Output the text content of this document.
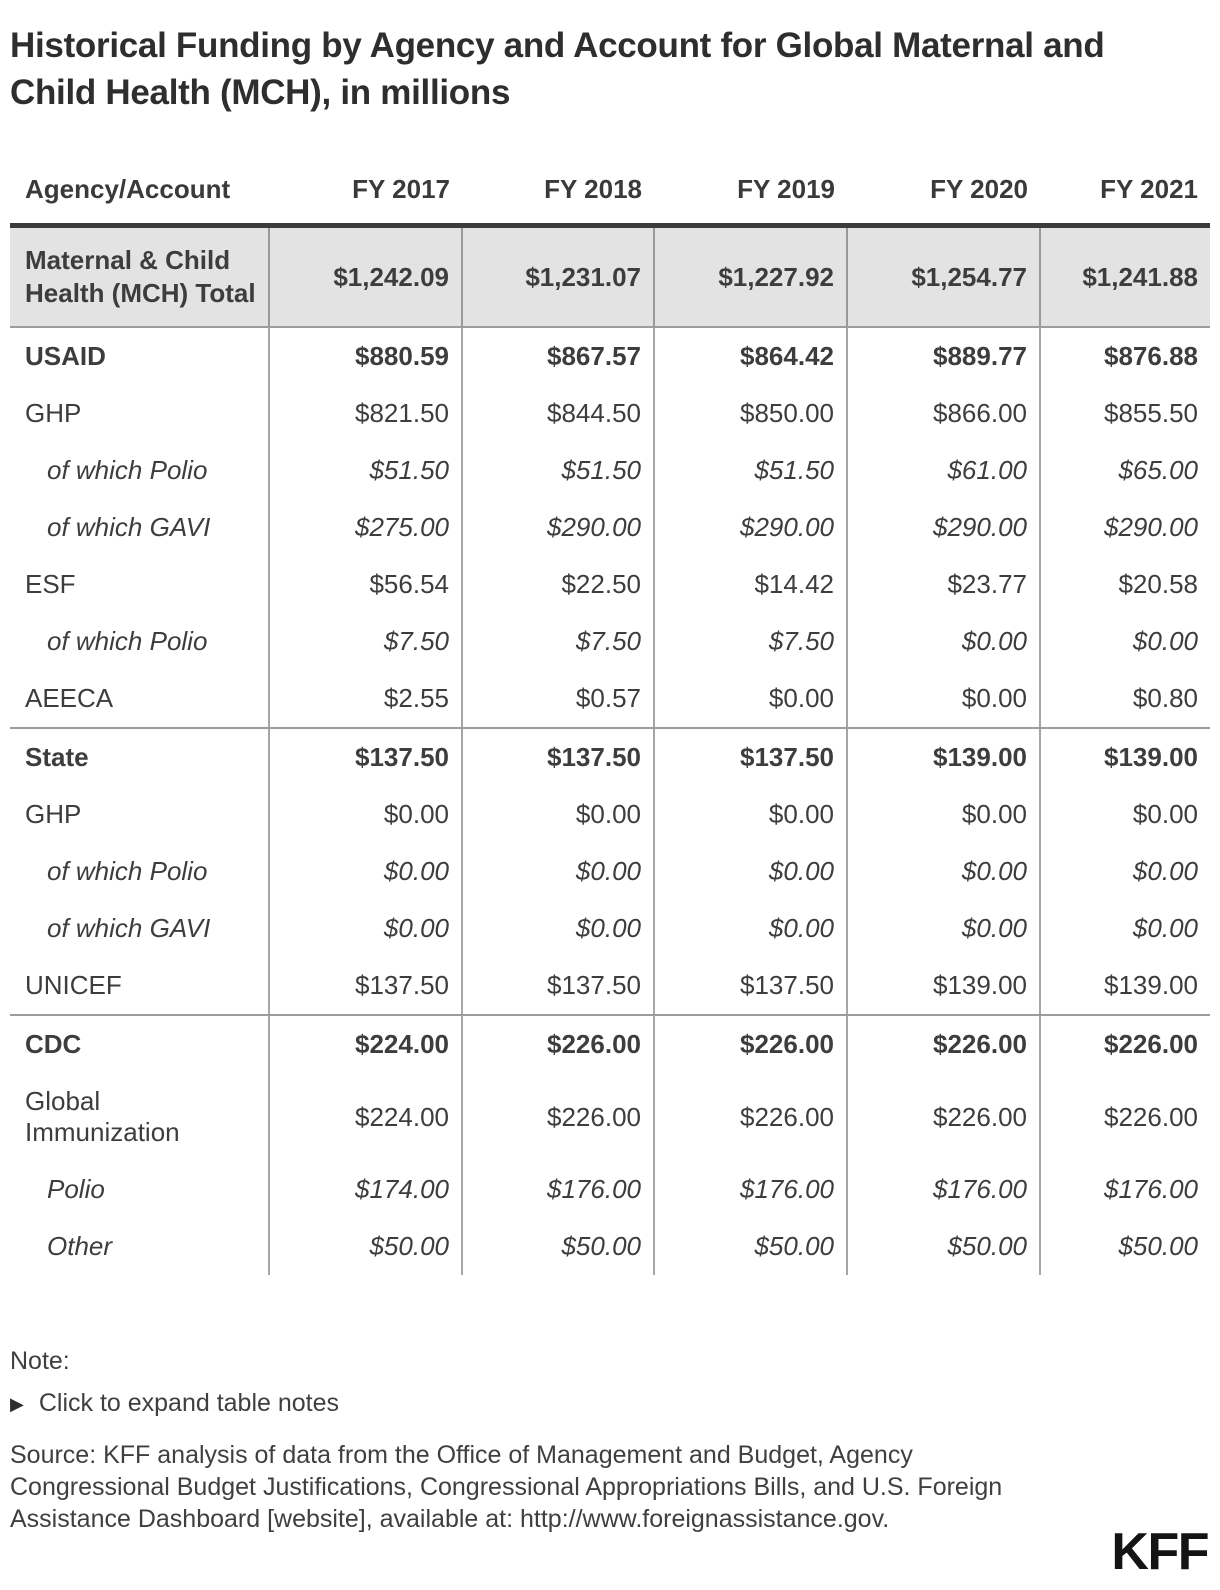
Historical Funding by Agency and Account for Global Maternal and Child Health (MCH), in millions
Agency/Account	FY 2017	FY 2018	FY 2019	FY 2020	FY 2021
Maternal & Child Health (MCH) Total	$1,242.09	$1,231.07	$1,227.92	$1,254.77	$1,241.88
USAID	$880.59	$867.57	$864.42	$889.77	$876.88
GHP	$821.50	$844.50	$850.00	$866.00	$855.50
of which Polio	$51.50	$51.50	$51.50	$61.00	$65.00
of which GAVI	$275.00	$290.00	$290.00	$290.00	$290.00
ESF	$56.54	$22.50	$14.42	$23.77	$20.58
of which Polio	$7.50	$7.50	$7.50	$0.00	$0.00
AEECA	$2.55	$0.57	$0.00	$0.00	$0.80
State	$137.50	$137.50	$137.50	$139.00	$139.00
GHP	$0.00	$0.00	$0.00	$0.00	$0.00
of which Polio	$0.00	$0.00	$0.00	$0.00	$0.00
of which GAVI	$0.00	$0.00	$0.00	$0.00	$0.00
UNICEF	$137.50	$137.50	$137.50	$139.00	$139.00
CDC	$224.00	$226.00	$226.00	$226.00	$226.00
Global Immunization	$224.00	$226.00	$226.00	$226.00	$226.00
Polio	$174.00	$176.00	$176.00	$176.00	$176.00
Other	$50.00	$50.00	$50.00	$50.00	$50.00
Note:
▶ Click to expand table notes

Source: KFF analysis of data from the Office of Management and Budget, Agency Congressional Budget Justifications, Congressional Appropriations Bills, and U.S. Foreign Assistance Dashboard [website], available at: http://www.foreignassistance.gov.

KFF
